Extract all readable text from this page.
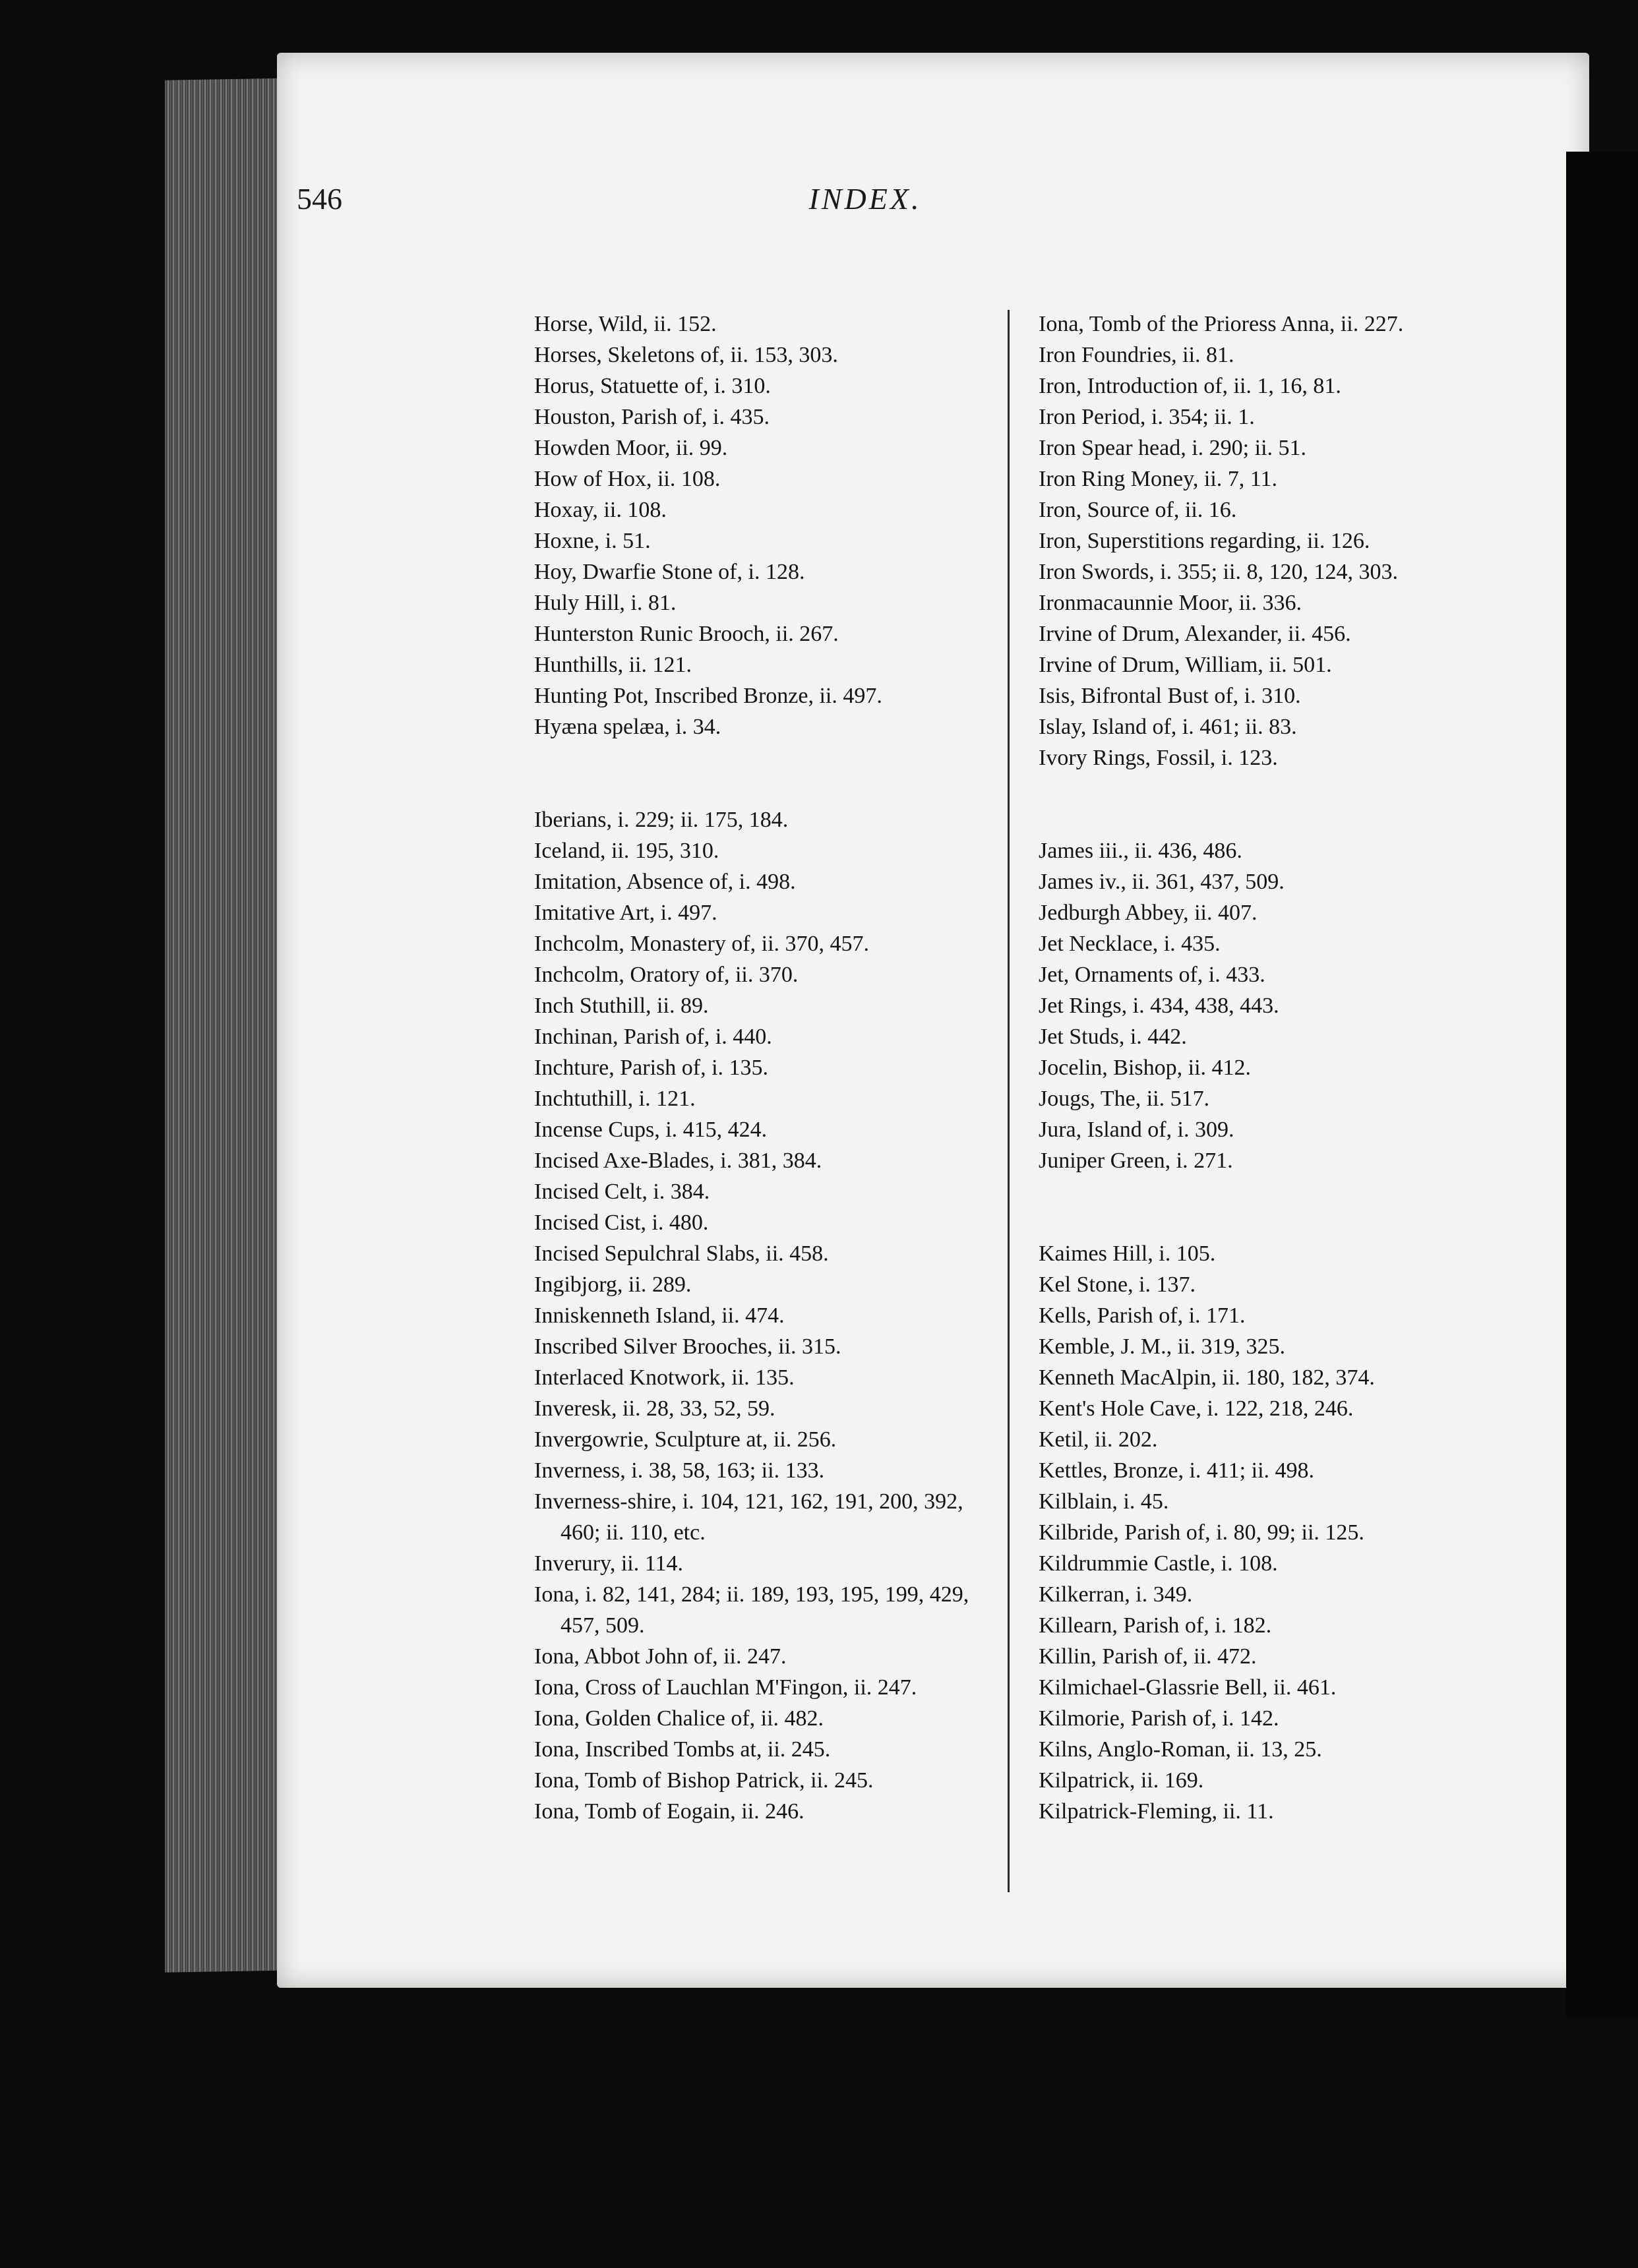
546	INDEX.
Horse, Wild, ii. 152.
Horses, Skeletons of, ii. 153, 303.
Horus, Statuette of, i. 310.
Houston, Parish of, i. 435.
Howden Moor, ii. 99.
How of Hox, ii. 108.
Hoxay, ii. 108.
Hoxne, i. 51.
Hoy, Dwarfie Stone of, i. 128.
Huly Hill, i. 81.
Hunterston Runic Brooch, ii. 267.
Hunthills, ii. 121.
Hunting Pot, Inscribed Bronze, ii. 497.
Hyæna spelæa, i. 34.
Iberians, i. 229; ii. 175, 184.
Iceland, ii. 195, 310.
Imitation, Absence of, i. 498.
Imitative Art, i. 497.
Inchcolm, Monastery of, ii. 370, 457.
Inchcolm, Oratory of, ii. 370.
Inch Stuthill, ii. 89.
Inchinan, Parish of, i. 440.
Inchture, Parish of, i. 135.
Inchtuthill, i. 121.
Incense Cups, i. 415, 424.
Incised Axe-Blades, i. 381, 384.
Incised Celt, i. 384.
Incised Cist, i. 480.
Incised Sepulchral Slabs, ii. 458.
Ingibjorg, ii. 289.
Inniskenneth Island, ii. 474.
Inscribed Silver Brooches, ii. 315.
Interlaced Knotwork, ii. 135.
Inveresk, ii. 28, 33, 52, 59.
Invergowrie, Sculpture at, ii. 256.
Inverness, i. 38, 58, 163; ii. 133.
Inverness-shire, i. 104, 121, 162, 191, 200, 392, 460; ii. 110, etc.
Inverury, ii. 114.
Iona, i. 82, 141, 284; ii. 189, 193, 195, 199, 429, 457, 509.
Iona, Abbot John of, ii. 247.
Iona, Cross of Lauchlan M'Fingon, ii. 247.
Iona, Golden Chalice of, ii. 482.
Iona, Inscribed Tombs at, ii. 245.
Iona, Tomb of Bishop Patrick, ii. 245.
Iona, Tomb of Eogain, ii. 246.
Iona, Tomb of the Prioress Anna, ii. 227.
Iron Foundries, ii. 81.
Iron, Introduction of, ii. 1, 16, 81.
Iron Period, i. 354; ii. 1.
Iron Spear head, i. 290; ii. 51.
Iron Ring Money, ii. 7, 11.
Iron, Source of, ii. 16.
Iron, Superstitions regarding, ii. 126.
Iron Swords, i. 355; ii. 8, 120, 124, 303.
Ironmacaunnie Moor, ii. 336.
Irvine of Drum, Alexander, ii. 456.
Irvine of Drum, William, ii. 501.
Isis, Bifrontal Bust of, i. 310.
Islay, Island of, i. 461; ii. 83.
Ivory Rings, Fossil, i. 123.
James iii., ii. 436, 486.
James iv., ii. 361, 437, 509.
Jedburgh Abbey, ii. 407.
Jet Necklace, i. 435.
Jet, Ornaments of, i. 433.
Jet Rings, i. 434, 438, 443.
Jet Studs, i. 442.
Jocelin, Bishop, ii. 412.
Jougs, The, ii. 517.
Jura, Island of, i. 309.
Juniper Green, i. 271.
Kaimes Hill, i. 105.
Kel Stone, i. 137.
Kells, Parish of, i. 171.
Kemble, J. M., ii. 319, 325.
Kenneth MacAlpin, ii. 180, 182, 374.
Kent's Hole Cave, i. 122, 218, 246.
Ketil, ii. 202.
Kettles, Bronze, i. 411; ii. 498.
Kilblain, i. 45.
Kilbride, Parish of, i. 80, 99; ii. 125.
Kildrummie Castle, i. 108.
Kilkerran, i. 349.
Killearn, Parish of, i. 182.
Killin, Parish of, ii. 472.
Kilmichael-Glassrie Bell, ii. 461.
Kilmorie, Parish of, i. 142.
Kilns, Anglo-Roman, ii. 13, 25.
Kilpatrick, ii. 169.
Kilpatrick-Fleming, ii. 11.
